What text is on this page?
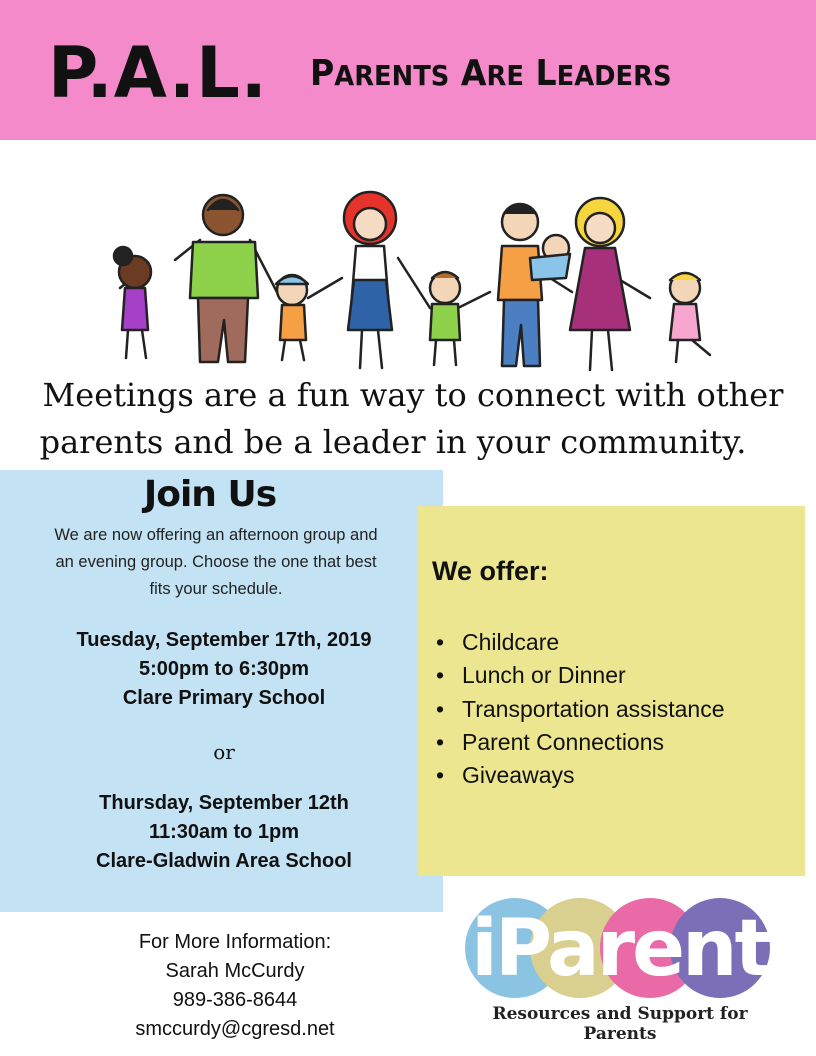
P.A.L. PARENTS ARE LEADERS
Meetings are a fun way to connect with other
parents and be a leader in your community.
Join Us
We are now offering an afternoon group and an evening group. Choose the one that best fits your schedule.
Tuesday, September 17th, 2019
5:00pm to 6:30pm
Clare Primary School
or
Thursday, September 12th
11:30am to 1pm
Clare-Gladwin Area School
We offer:
• Childcare
• Lunch or Dinner
• Transportation assistance
• Parent Connections
• Giveaways
For More Information:
Sarah McCurdy
989-386-8644
smccurdy@cgresd.net
iParent
Resources and Support for Parents
